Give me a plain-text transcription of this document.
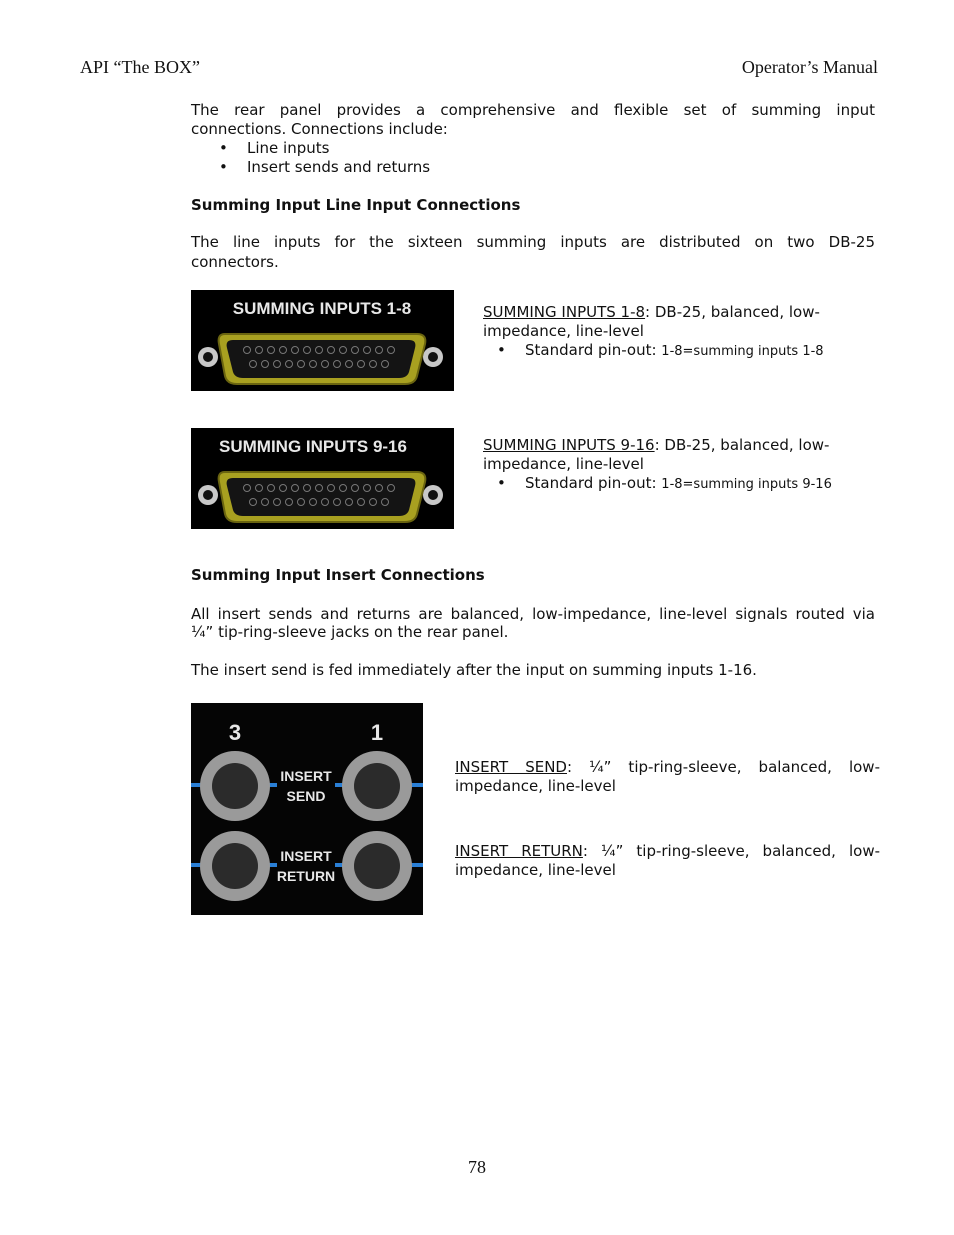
API “The BOX”	Operator’s Manual
The rear panel provides a comprehensive and flexible set of summing input
connections. Connections include:
• Line inputs
• Insert sends and returns
Summing Input Line Input Connections
The line inputs for the sixteen summing inputs are distributed on two DB-25
connectors.
SUMMING INPUTS 1-8	SUMMING INPUTS 1-8: DB-25, balanced, low-
impedance, line-level
• Standard pin-out: 1-8=summing inputs 1-8
SUMMING INPUTS 9-16	SUMMING INPUTS 9-16: DB-25, balanced, low-
impedance, line-level
• Standard pin-out: 1-8=summing inputs 9-16
Summing Input Insert Connections
All insert sends and returns are balanced, low-impedance, line-level signals routed via
¼” tip-ring-sleeve jacks on the rear panel.
The insert send is fed immediately after the input on summing inputs 1-16.
3	1
INSERT
SEND
INSERT
RETURN
INSERT SEND: ¼” tip-ring-sleeve, balanced, low-
impedance, line-level
INSERT RETURN: ¼” tip-ring-sleeve, balanced, low-
impedance, line-level
78
